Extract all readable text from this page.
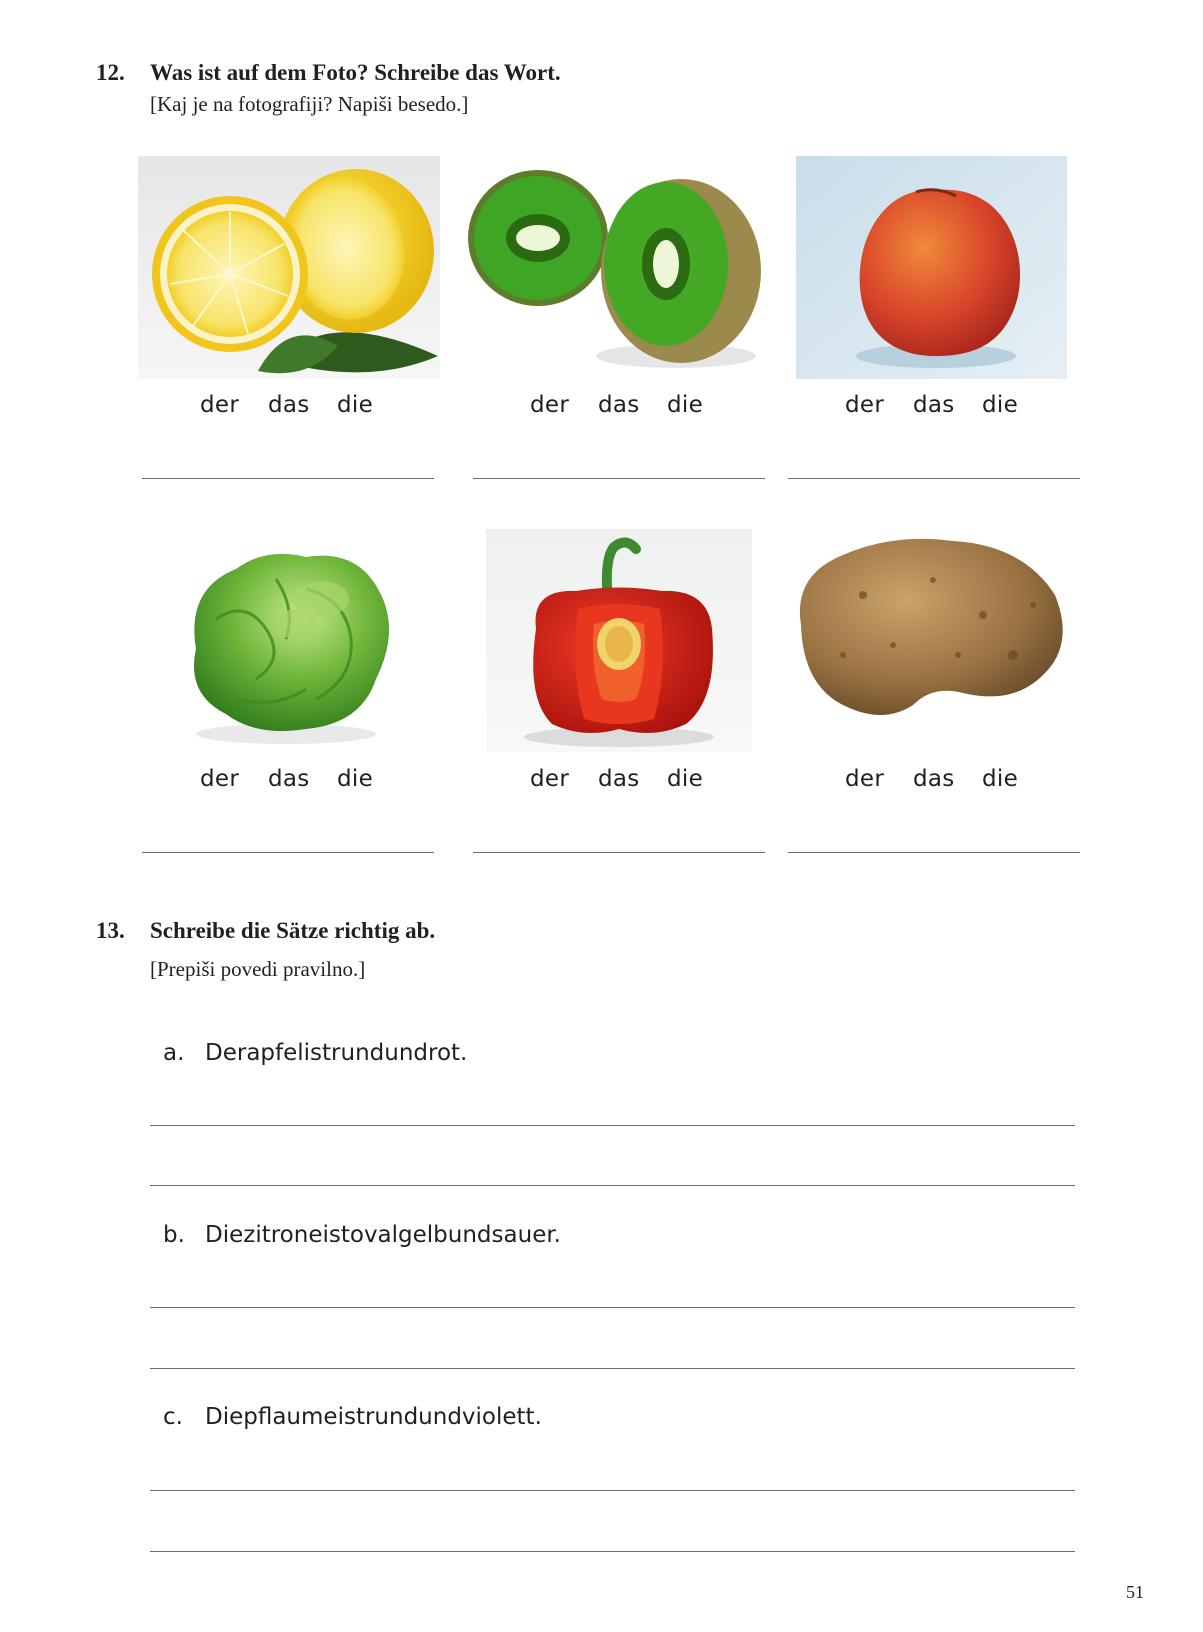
12. Was ist auf dem Foto? Schreibe das Wort.
[Kaj je na fotografiji? Napiši besedo.]
der das die	der das die	der das die
der das die	der das die	der das die
13. Schreibe die Sätze richtig ab.
[Prepiši povedi pravilno.]
a. Derapfelistrundundrot.
b. Diezitroneistovalgelbundsauer.
c. Diepflaumeistrundundviolett.
51
